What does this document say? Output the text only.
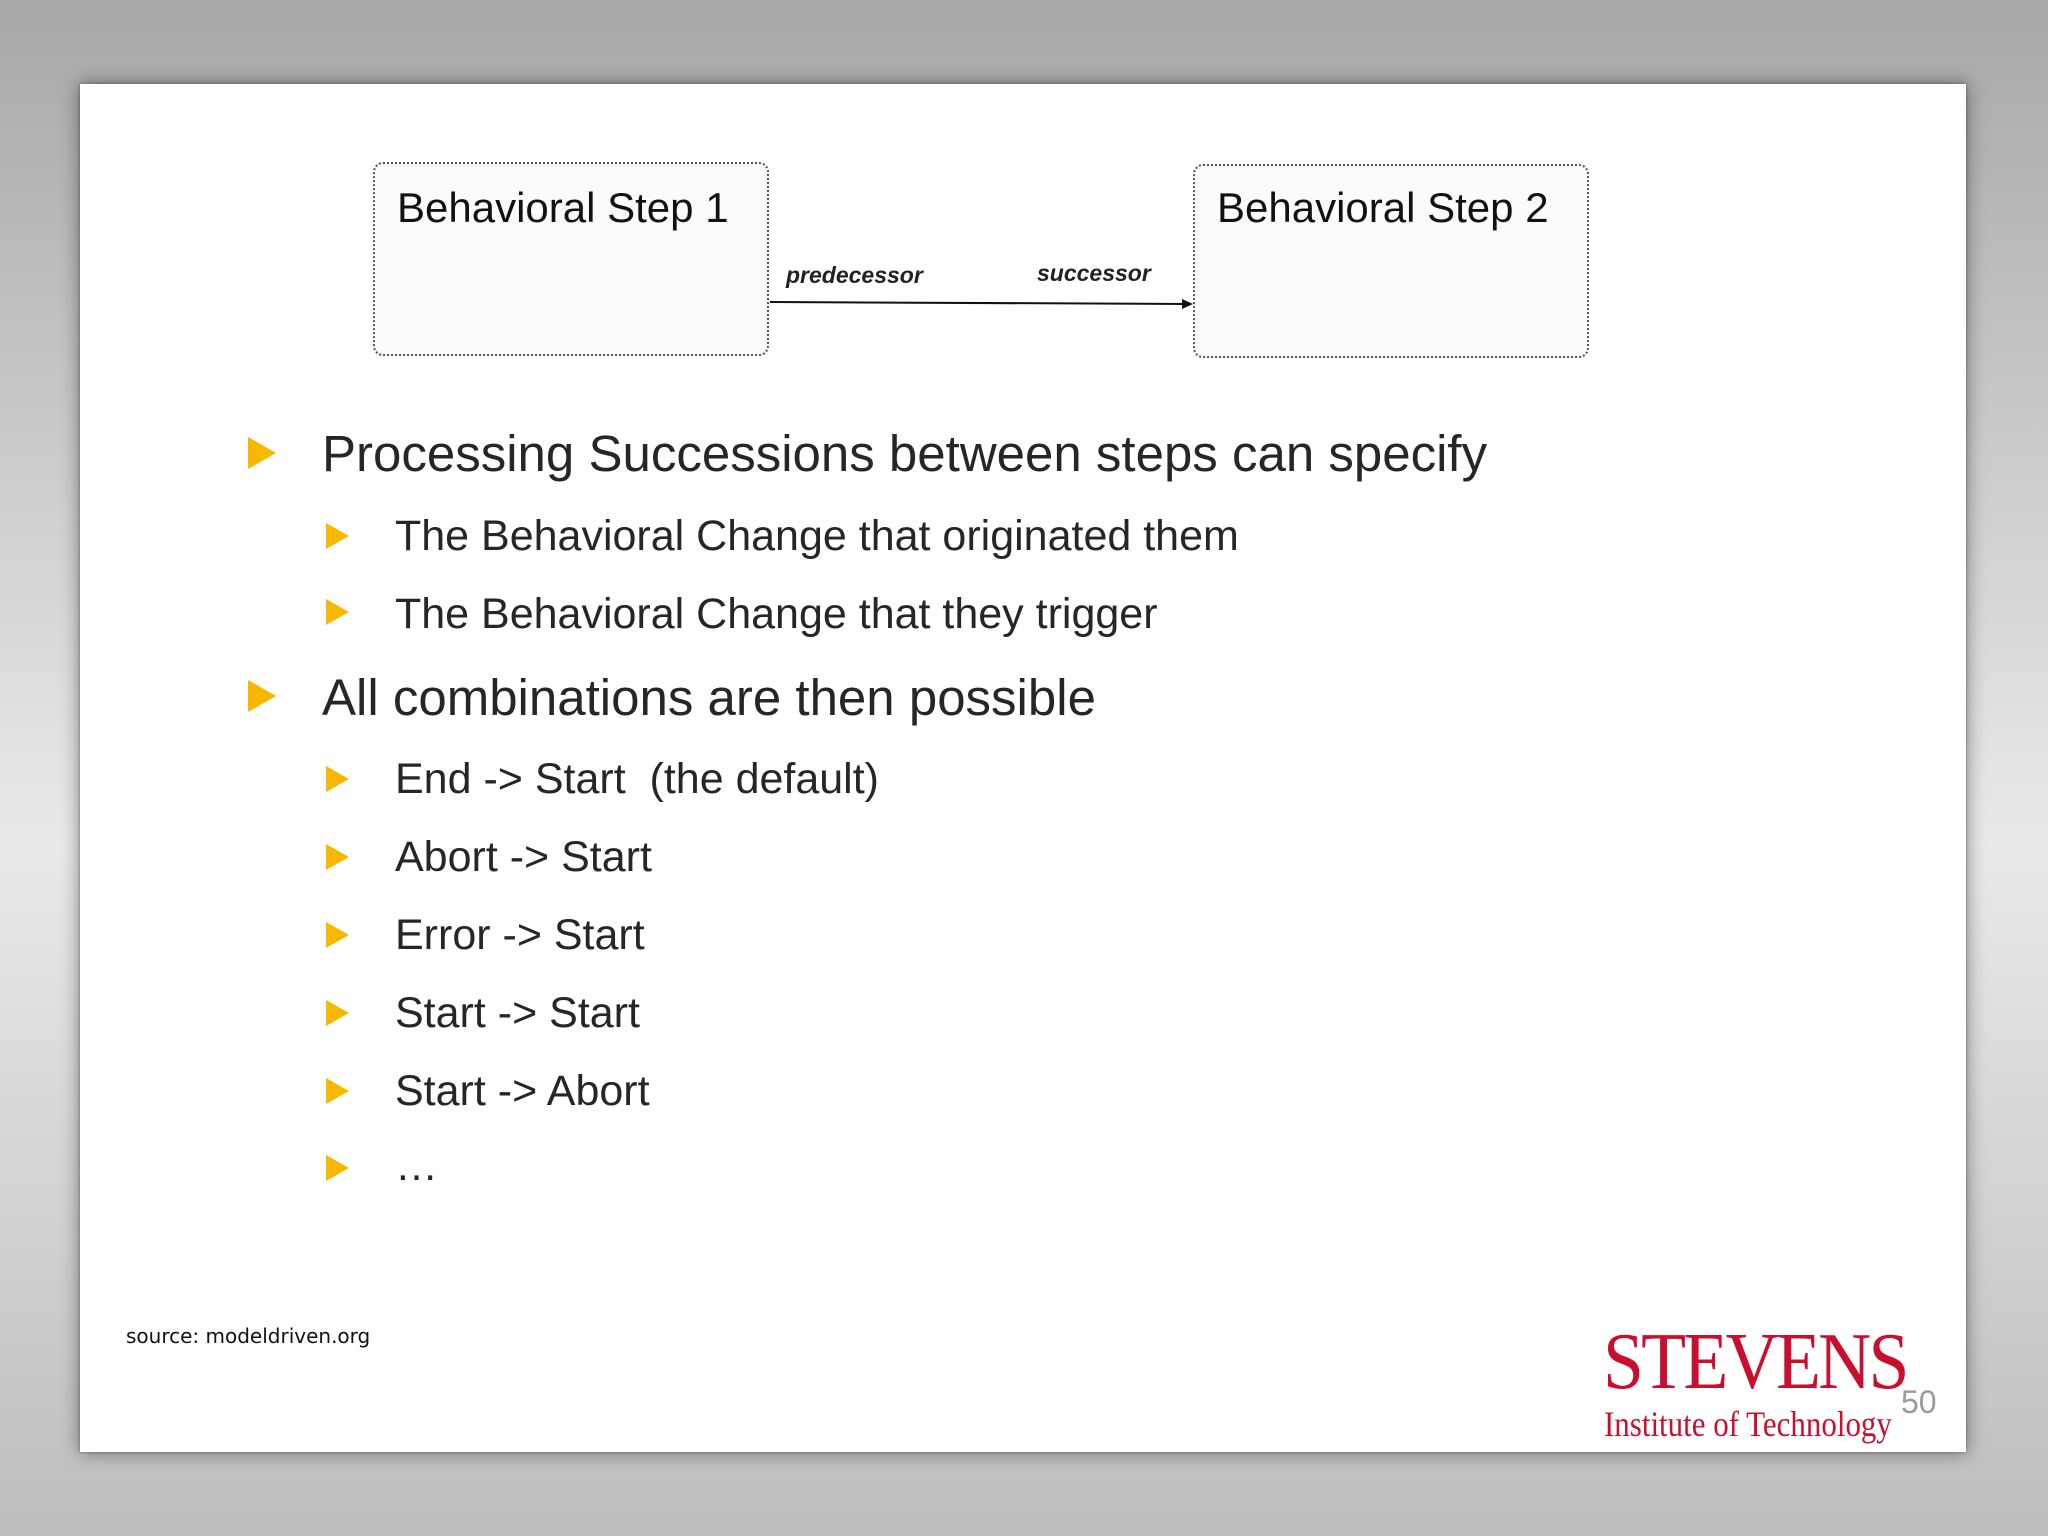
Behavioral Step 1	Behavioral Step 2
predecessor	successor
Processing Successions between steps can specify
The Behavioral Change that originated them
The Behavioral Change that they trigger
All combinations are then possible
End -> Start  (the default)
Abort -> Start
Error -> Start
Start -> Start
Start -> Abort
…
source: modeldriven.org	STEVENS
Institute of Technology
50
